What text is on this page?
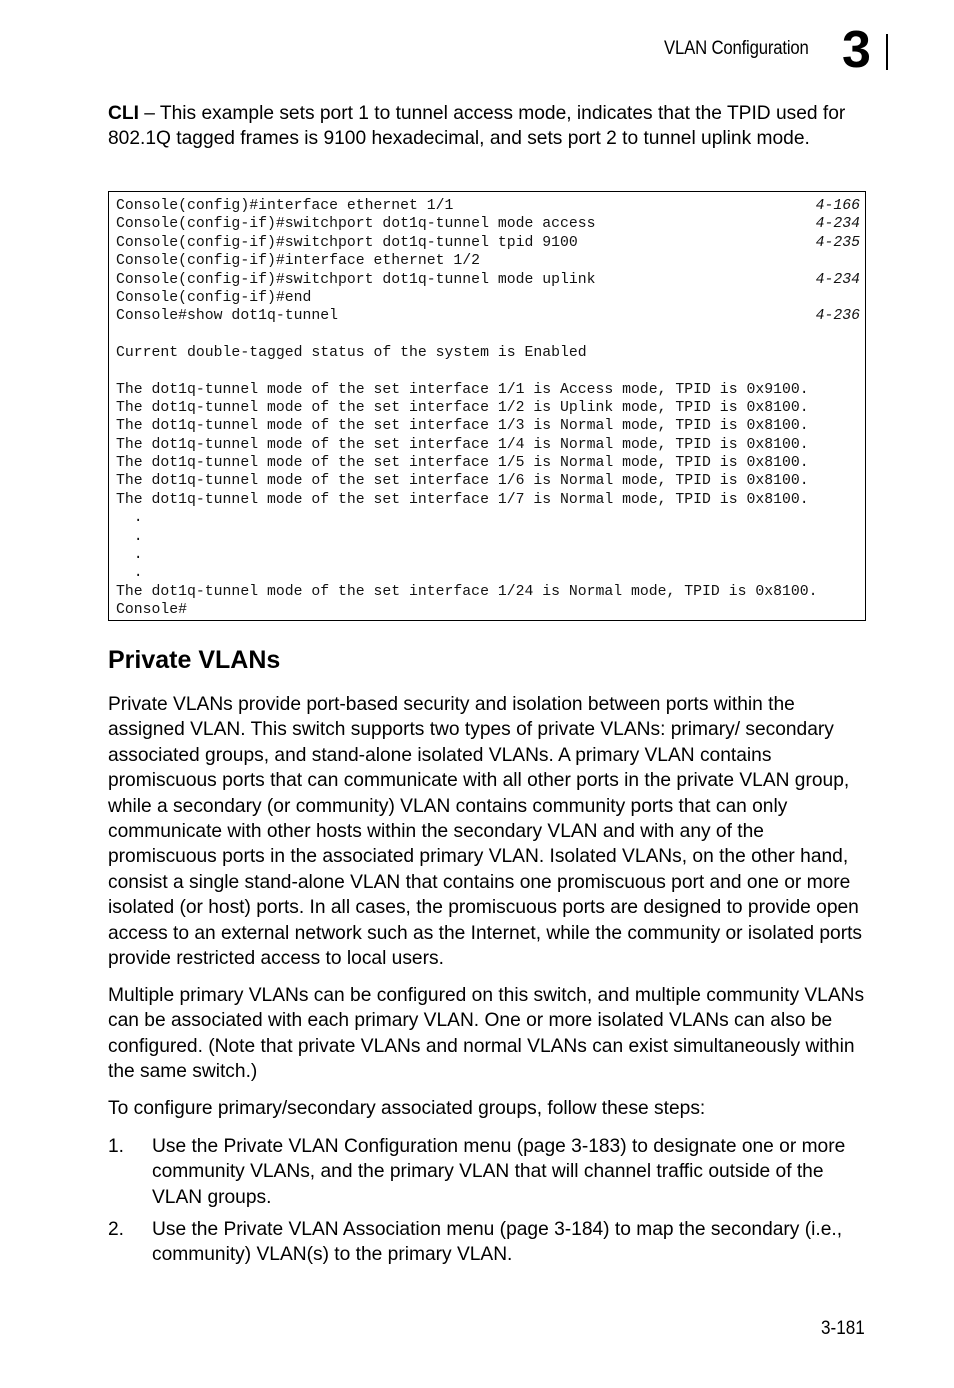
VLAN Configuration 3
CLI – This example sets port 1 to tunnel access mode, indicates that the TPID used for 802.1Q tagged frames is 9100 hexadecimal, and sets port 2 to tunnel uplink mode.
Console(config)#interface ethernet 1/1	4-166
Console(config-if)#switchport dot1q-tunnel mode access	4-234
Console(config-if)#switchport dot1q-tunnel tpid 9100	4-235
Console(config-if)#interface ethernet 1/2
Console(config-if)#switchport dot1q-tunnel mode uplink	4-234
Console(config-if)#end
Console#show dot1q-tunnel	4-236
Current double-tagged status of the system is Enabled
The dot1q-tunnel mode of the set interface 1/1 is Access mode, TPID is 0x9100.
The dot1q-tunnel mode of the set interface 1/2 is Uplink mode, TPID is 0x8100.
The dot1q-tunnel mode of the set interface 1/3 is Normal mode, TPID is 0x8100.
The dot1q-tunnel mode of the set interface 1/4 is Normal mode, TPID is 0x8100.
The dot1q-tunnel mode of the set interface 1/5 is Normal mode, TPID is 0x8100.
The dot1q-tunnel mode of the set interface 1/6 is Normal mode, TPID is 0x8100.
The dot1q-tunnel mode of the set interface 1/7 is Normal mode, TPID is 0x8100.
.
.
.
.
The dot1q-tunnel mode of the set interface 1/24 is Normal mode, TPID is 0x8100.
Console#
Private VLANs
Private VLANs provide port-based security and isolation between ports within the assigned VLAN. This switch supports two types of private VLANs: primary/ secondary associated groups, and stand-alone isolated VLANs. A primary VLAN contains promiscuous ports that can communicate with all other ports in the private VLAN group, while a secondary (or community) VLAN contains community ports that can only communicate with other hosts within the secondary VLAN and with any of the promiscuous ports in the associated primary VLAN. Isolated VLANs, on the other hand, consist a single stand-alone VLAN that contains one promiscuous port and one or more isolated (or host) ports. In all cases, the promiscuous ports are designed to provide open access to an external network such as the Internet, while the community or isolated ports provide restricted access to local users.
Multiple primary VLANs can be configured on this switch, and multiple community VLANs can be associated with each primary VLAN. One or more isolated VLANs can also be configured. (Note that private VLANs and normal VLANs can exist simultaneously within the same switch.)
To configure primary/secondary associated groups, follow these steps:
1. Use the Private VLAN Configuration menu (page 3-183) to designate one or more community VLANs, and the primary VLAN that will channel traffic outside of the VLAN groups.
2. Use the Private VLAN Association menu (page 3-184) to map the secondary (i.e., community) VLAN(s) to the primary VLAN.
3-181
